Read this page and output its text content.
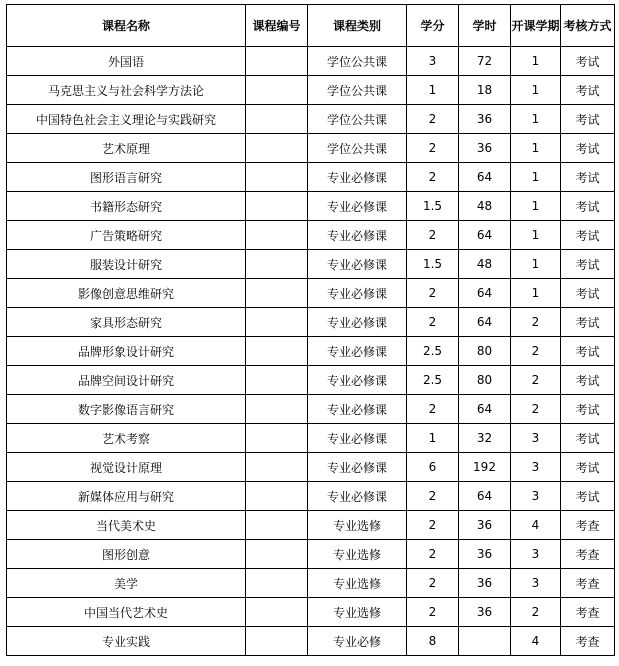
课程名称	课程编号	课程类别	学分	学时	开课学期	考核方式
外国语		学位公共课	3	72	1	考试
马克思主义与社会科学方法论		学位公共课	1	18	1	考试
中国特色社会主义理论与实践研究		学位公共课	2	36	1	考试
艺术原理		学位公共课	2	36	1	考试
图形语言研究		专业必修课	2	64	1	考试
书籍形态研究		专业必修课	1.5	48	1	考试
广告策略研究		专业必修课	2	64	1	考试
服装设计研究		专业必修课	1.5	48	1	考试
影像创意思维研究		专业必修课	2	64	1	考试
家具形态研究		专业必修课	2	64	2	考试
品牌形象设计研究		专业必修课	2.5	80	2	考试
品牌空间设计研究		专业必修课	2.5	80	2	考试
数字影像语言研究		专业必修课	2	64	2	考试
艺术考察		专业必修课	1	32	3	考试
视觉设计原理		专业必修课	6	192	3	考试
新媒体应用与研究		专业必修课	2	64	3	考试
当代美术史		专业选修	2	36	4	考查
图形创意		专业选修	2	36	3	考查
美学		专业选修	2	36	3	考查
中国当代艺术史		专业选修	2	36	2	考查
专业实践		专业必修	8		4	考查
